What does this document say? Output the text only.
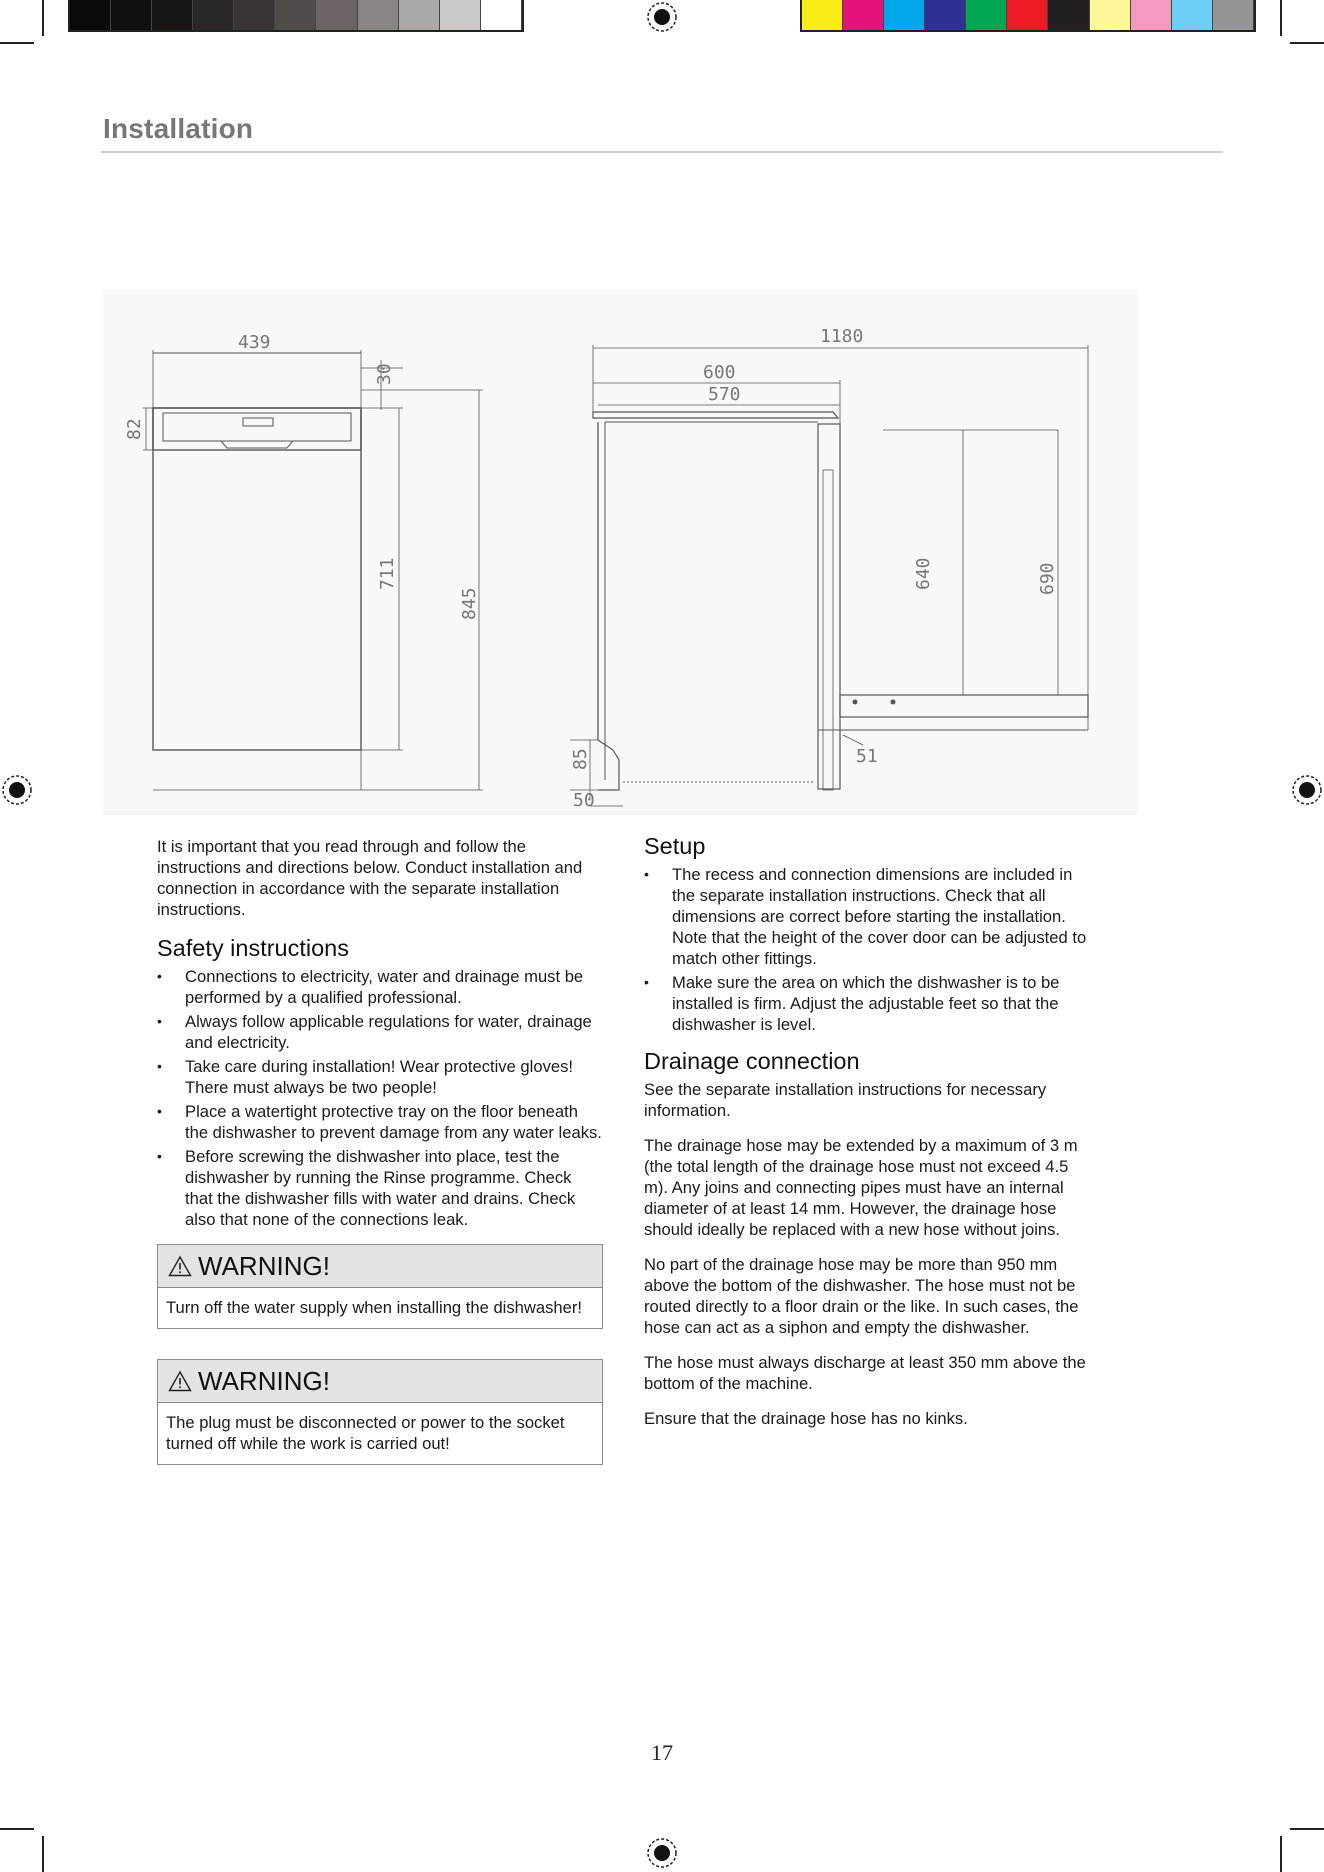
Installation
439
30
82
711
845
1180
600
570
640	690
51
85
50

It is important that you read through and follow the instructions and directions below. Conduct installation and connection in accordance with the separate installation instructions.

Safety instructions
• Connections to electricity, water and drainage must be performed by a qualified professional.
• Always follow applicable regulations for water, drainage and electricity.
• Take care during installation! Wear protective gloves! There must always be two people!
• Place a watertight protective tray on the floor beneath the dishwasher to prevent damage from any water leaks.
• Before screwing the dishwasher into place, test the dishwasher by running the Rinse programme. Check that the dishwasher fills with water and drains. Check also that none of the connections leak.
WARNING!
Turn off the water supply when installing the dishwasher!
WARNING!
The plug must be disconnected or power to the socket turned off while the work is carried out!
Setup
• The recess and connection dimensions are included in the separate installation instructions. Check that all dimensions are correct before starting the installation. Note that the height of the cover door can be adjusted to match other fittings.
• Make sure the area on which the dishwasher is to be installed is firm. Adjust the adjustable feet so that the dishwasher is level.
Drainage connection

See the separate installation instructions for necessary information.

The drainage hose may be extended by a maximum of 3 m (the total length of the drainage hose must not exceed 4.5 m). Any joins and connecting pipes must have an internal diameter of at least 14 mm. However, the drainage hose should ideally be replaced with a new hose without joins.

No part of the drainage hose may be more than 950 mm above the bottom of the dishwasher. The hose must not be routed directly to a floor drain or the like. In such cases, the hose can act as a siphon and empty the dishwasher.

The hose must always discharge at least 350 mm above the bottom of the machine.

Ensure that the drainage hose has no kinks.

17
